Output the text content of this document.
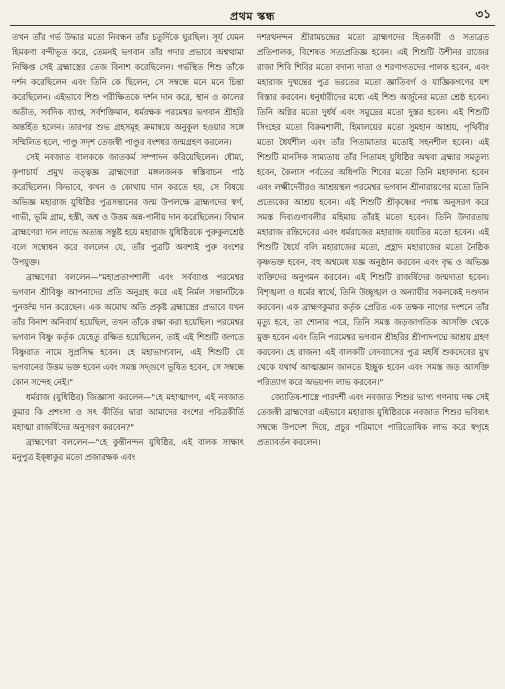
প্রথম স্কন্ধ	৩১

তখন তাঁর গর্ভ উদ্ধার মতো নিবন্ধন তাঁর চতুর্দিকে ঘুরছিল। সূর্য যেমন হিমকণা বন্দীভূত করে, তেমনই ভগবান তাঁর গদার প্রভাবে অশ্বত্থামা নিক্ষিপ্ত সেই ব্রহ্মাস্ত্রের তেজ বিনাশ করেছিলেন। গর্ভস্থিত শিশু তাঁকে দর্শন করেছিলেন এবং তিনি কে ছিলেন, সে সম্বন্ধে মনে মনে চিন্তা করেছিলেন। এইভাবে শিশু পরীক্ষিতকে দর্শন দান করে, স্থান ও কালের অতীত, সর্বদিক ব্যাপ্ত, সর্বশক্তিমান, ধর্মরক্ষক পরমেশ্বর ভগবান শ্রীহরি অন্তর্হিত হলেন। তারপর শুভ গ্রহসমূহ ক্রমান্বয়ে অনুকূল হওয়ার সঙ্গে সম্মিলিত হলে, পাণ্ডু সদৃশ তেজস্বী পাণ্ডুর বংশধর জন্মগ্রহণ করলেন।

সেই নবজাত বালককে জাতকর্ম সম্পাদন করিয়েছিলেন। ধৌম্য, কৃপাচার্য প্রমুখ তত্ত্বজ্ঞ ব্রাহ্মণেরা মঙ্গলজনক স্বস্তিবাচন পাঠ করেছিলেন। কিভাবে, কখন ও কোথায় দান করতে হয়, সে বিষয়ে অভিজ্ঞ মহারাজ যুধিষ্ঠির পুত্রসন্তানের জন্ম উপলক্ষে ব্রাহ্মণদের স্বর্ণ, গাভী, ভূমি গ্রাম, হস্তী, অশ্ব ও উত্তম অন্ন-পানীয় দান করেছিলেন। বিদ্বান ব্রাহ্মণেরা দান লাভে অত্যন্ত সন্তুষ্ট হয়ে মহারাজ যুধিষ্ঠিরকে পুরুকুলশ্রেষ্ঠ বলে সম্বোধন করে বললেন যে, তাঁর পুত্রটি অবশ্যই পুরু বংশের উপযুক্ত।

ব্রাহ্মণেরা বললেন—"মহাপ্রতাপশালী এবং সর্বব্যাপ্ত পরমেশ্বর ভগবান শ্রীবিষ্ণু আপনাদের প্রতি অনুগ্রহ করে এই নির্মল সন্তানটিকে পুনর্জন্ম দান করেছেন। এক অমোঘ অতি প্রকৃষ্ট ব্রহ্মাস্ত্রের প্রভাবে যখন তাঁর বিনাশ অনিবার্য হয়েছিল, তখন তাঁকে রক্ষা করা হয়েছিল। পরমেশ্বর ভগবান বিষ্ণু কর্তৃক যেহেতু রক্ষিত হয়েছিলেন, তাই এই শিশুটি জগতে বিষ্ণুরাত নামে সুপ্রসিদ্ধ হবেন। হে মহাভাগ্যবান, এই শিশুটি যে ভগবানের উত্তম ভক্ত হবেন এবং সমস্ত সদ্গুণে ভূষিত হবেন, সে সম্বন্ধে কোন সন্দেহ নেই।"

ধর্মরাজ (যুধিষ্ঠির) জিজ্ঞাসা করলেন—"হে মহাত্মাগণ, এই নবজাত কুমার কি প্রশংসা ও সৎ কীর্তির দ্বারা আমাদের বংশের পবিত্রকীর্তি মহাত্মা রাজর্ষিদের অনুসরণ করবেন?"

ব্রাহ্মণেরা বললেন—"হে কুন্তীনন্দন যুধিষ্ঠির, এই বালক সাক্ষাৎ মনুপুত্র ইক্ষ্বাকুর মতো প্রজারক্ষক এবং

দশরথনন্দন শ্রীরামচন্দ্রের মতো ব্রাহ্মণদের হিতকারী ও সত্যব্রত প্রতিপালক, বিশেষত সত্যপ্রতিজ্ঞ হবেন। এই শিশুটি উশীনর রাজের রাজা শিবি শিবির মতো বদান্য দাতা ও শরণাগতদের পালক হবেন, এবং মহারাজ দুষ্মন্তের পুত্র ভরতের মতো জ্ঞাতিবর্গ ও যাজ্ঞিকগণের যশ বিস্তার করবেন। ধনুর্ধারীদের মধ্যে এই শিশু অর্জুনের মতো শ্রেষ্ঠ হবেন। তিনি অগ্নির মতো দুর্ধর্ষ এবং সমুদ্রের মতো দুস্তর হবেন। এই শিশুটি সিংহের মতো বিক্রমশালী, হিমালয়ের মতো সুমহান আশ্রয়, পৃথিবীর মতো ধৈর্যশীল এবং তাঁর পিতামাতার মতোই সহনশীল হবেন। এই শিশুটি মানসিক সাম্যতায় তাঁর পিতামহ যুধিষ্ঠির অথবা ব্রহ্মার সমতুল্য হবেন, কৈলাস পর্বতের অধিপতি শিবের মতো তিনি মহাবদান্য হবেন এবং লক্ষ্মীদেবীরও আশ্রয়স্থল পরমেশ্বর ভগবান শ্রীনারায়ণের মতো তিনি প্রত্যেকের আশ্রয় হবেন। এই শিশুটি শ্রীকৃষ্ণের পদাঙ্ক অনুসরণ করে সমস্ত দিব্যগুণাবলীর মহিমায় তাঁরই মতো হবেন। তিনি উদারতায় মহারাজ রন্তিদেবের এবং ধর্মরাজের মহারাজ যযাতির মতো হবেন। এই শিশুটি ধৈর্যে বলি মহারাজের মতো, প্রহ্লাদ মহারাজের মতো নৈষ্ঠিক কৃষ্ণভক্ত হবেন, বহু অশ্বমেধ যজ্ঞ অনুষ্ঠান করবেন এবং বৃদ্ধ ও অভিজ্ঞ ব্যক্তিদের অনুগমন করবেন। এই শিশুটি রাজর্ষিদের জন্মদাতা হবেন। বিশৃঙ্খলা ও ধর্মের স্বার্থে, তিনি উচ্ছৃঙ্খল ও অন্যায়ীর সকলকেই দণ্ডদান করবেন। এক ব্রাহ্মণকুমার কর্তৃক প্রেরিত এক তক্ষক নাগের দংশনে তাঁর মৃত্যু হবে, তা শোনার পরে, তিনি সমস্ত জড়জাগতিক আসক্তি থেকে মুক্ত হবেন এবং তিনি পরমেশ্বর ভগবান শ্রীহরির শ্রীপাদপদ্মে আশ্রয় গ্রহণ করবেন। হে রাজন! এই বালকটি বেদব্যাসের পুত্র মহর্ষি শুকদেবের মুখ থেকে যথার্থ আত্মজ্ঞান জানতে ইচ্ছুক হবেন এবং সমস্ত জড় আসক্তি পরিত্যাগ করে অভয়পদ লাভ করবেন।"

জ্যোতিষ-শাস্ত্রে পারদর্শী এবং নবজাত শিশুর ভাগ্য গণনায় দক্ষ সেই তেজস্বী ব্রাহ্মণেরা এইভাবে মহারাজ যুধিষ্ঠিরকে নবজাত শিশুর ভবিষ্যৎ সম্বন্ধে উপদেশ দিয়ে, প্রচুর পরিমাণে পারিতোষিক লাভ করে স্বগৃহে প্রত্যাবর্তন করলেন।
